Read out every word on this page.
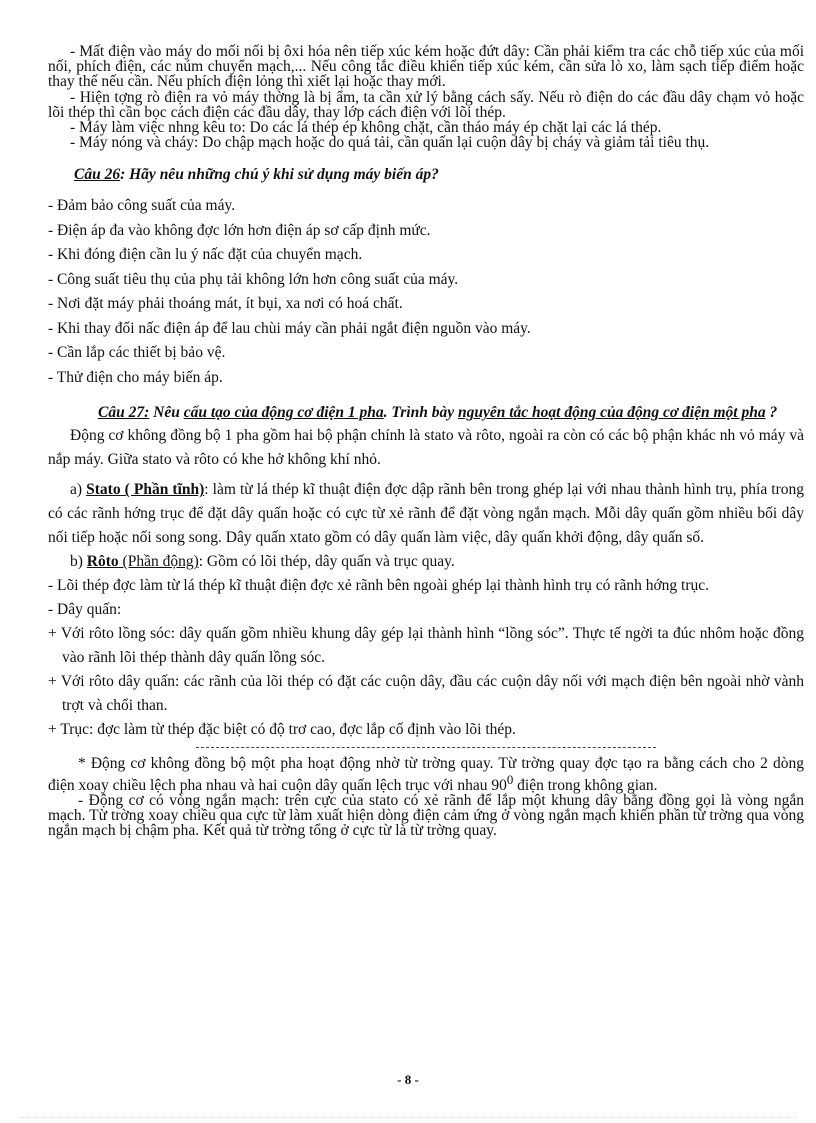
- Mất điện vào máy do mối nối bị ôxi hóa nên tiếp xúc kém hoặc đứt dây: Cần phải kiểm tra các chỗ tiếp xúc của mối nối, phích điện, các núm chuyển mạch,... Nếu công tắc điều khiển tiếp xúc kém, cần sửa lò xo, làm sạch tiếp điểm hoặc thay thế nếu cần. Nếu phích điện lỏng thì xiết lại hoặc thay mới.

- Hiện tợng rò điện ra vỏ máy thờng là bị ẩm, ta cần xử lý bằng cách sấy. Nếu rò điện do các đầu dây chạm vỏ hoặc lõi thép thì cần bọc cách điện các đầu dây, thay lớp cách điện với lõi thép.

- Máy làm việc nhng kêu to: Do các lá thép ép không chặt, cần tháo máy ép chặt lại các lá thép.

- Máy nóng và cháy: Do chập mạch hoặc do quá tải, cần quấn lại cuộn dây bị cháy và giảm tải tiêu thụ.

Câu 26: Hãy nêu những chú ý khi sử dụng máy biến áp?

- Đảm bảo công suất của máy.

- Điện áp đa vào không đợc lớn hơn điện áp sơ cấp định mức.

- Khi đóng điện cần lu ý nấc đặt của chuyển mạch.

- Công suất tiêu thụ của phụ tải không lớn hơn công suất của máy.

- Nơi đặt máy phải thoáng mát, ít bụi, xa nơi có hoá chất.

- Khi thay đổi nấc điện áp để lau chùi máy cần phải ngắt điện nguồn vào máy.

- Cần lắp các thiết bị bảo vệ.

- Thử điện cho máy biến áp.

Câu 27: Nêu cấu tạo của động cơ điện 1 pha. Trình bày nguyên tắc hoạt động của động cơ điện một pha ?

Động cơ không đồng bộ 1 pha gồm hai bộ phận chính là stato và rôto, ngoài ra còn có các bộ phận khác nh vỏ máy và nắp máy. Giữa stato và rôto có khe hở không khí nhỏ.

a) Stato ( Phần tĩnh): làm từ lá thép kĩ thuật điện đợc dập rãnh bên trong ghép lại với nhau thành hình trụ, phía trong có các rãnh hớng trục để đặt dây quấn hoặc có cực từ xẻ rãnh để đặt vòng ngắn mạch. Mỗi dây quấn gồm nhiều bối dây nối tiếp hoặc nối song song. Dây quấn xtato gồm có dây quấn làm việc, dây quấn khởi động, dây quấn số.

b) Rôto (Phần động): Gồm có lõi thép, dây quấn và trục quay.

- Lõi thép đợc làm từ lá thép kĩ thuật điện đợc xẻ rãnh bên ngoài ghép lại thành hình trụ có rãnh hớng trục.

- Dây quấn:

+ Với rôto lồng sóc: dây quấn gồm nhiều khung dây gép lại thành hình “lồng sóc”. Thực tế ngời ta đúc nhôm hoặc đồng vào rãnh lõi thép thành dây quấn lồng sóc.

+ Với rôto dây quấn: các rãnh của lõi thép có đặt các cuộn dây, đầu các cuộn dây nối với mạch điện bên ngoài nhờ vành trợt và chổi than.

+ Trục: đợc làm từ thép đặc biệt có độ trơ cao, đợc lắp cố định vào lõi thép.

* Động cơ không đồng bộ một pha hoạt động nhờ từ trờng quay. Từ trờng quay đợc tạo ra bằng cách cho 2 dòng điện xoay chiều lệch pha nhau và hai cuộn dây quấn lệch trục với nhau $90^0$ điện trong không gian.

- Động cơ có vòng ngắn mạch: trên cực của stato có xẻ rãnh để lắp một khung dây bằng đồng gọi là vòng ngắn mạch. Từ trờng xoay chiều qua cực từ làm xuất hiện dòng điện cảm ứng ở vòng ngắn mạch khiến phần từ trờng qua vòng ngắn mạch bị chậm pha. Kết quả từ trờng tổng ở cực từ là từ trờng quay.

- 8 -
